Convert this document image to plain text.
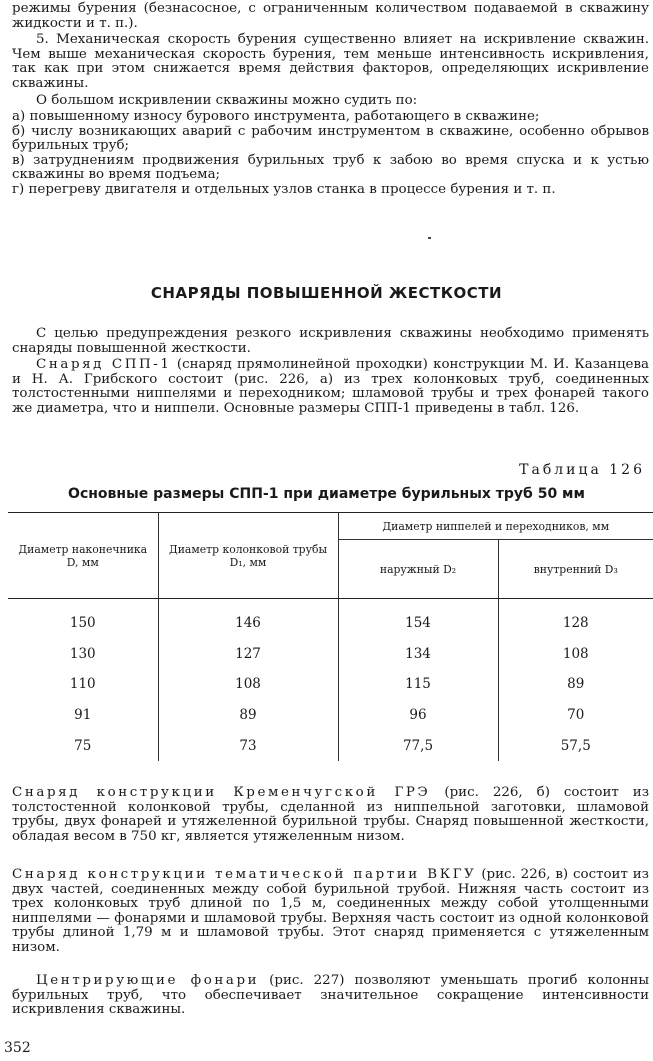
режимы бурения (безнасосное, с ограниченным количеством подаваемой в скважину жидкости и т. п.).

5. Механическая скорость бурения существенно влияет на искривление скважин. Чем выше механическая скорость бурения, тем меньше интенсивность искривления, так как при этом снижается время действия факторов, определяющих искривление скважины.

О большом искривлении скважины можно судить по:

а) повышенному износу бурового инструмента, работающего в скважине;
б) числу возникающих аварий с рабочим инструментом в скважине, особенно обрывов бурильных труб;
в) затруднениям продвижения бурильных труб к забою во время спуска и к устью скважины во время подъема;
г) перегреву двигателя и отдельных узлов станка в процессе бурения и т. п.
СНАРЯДЫ ПОВЫШЕННОЙ ЖЕСТКОСТИ

С целью предупреждения резкого искривления скважины необходимо применять снаряды повышенной жесткости.

Снаряд СПП-1 (снаряд прямолинейной проходки) конструкции М. И. Казанцева и Н. А. Грибского состоит (рис. 226, а) из трех колонковых труб, соединенных толстостенными ниппелями и переходником; шламовой трубы и трех фонарей такого же диаметра, что и ниппели. Основные размеры СПП-1 приведены в табл. 126.

Таблица 126
Основные размеры СПП-1 при диаметре бурильных труб 50 мм
Диаметр наконечника D, мм	Диаметр колонковой трубы D₁, мм	Диаметр ниппелей и переходников, мм	
		наружный D₂	внутренний D₃
150	146	154	128
130	127	134	108
110	108	115	89
91	89	96	70
75	73	77,5	57,5

Снаряд конструкции Кременчугской ГРЭ (рис. 226, б) состоит из толстостенной колонковой трубы, сделанной из ниппельной заготовки, шламовой трубы, двух фонарей и утяжеленной бурильной трубы. Снаряд повышенной жесткости, обладая весом в 750 кг, является утяжеленным низом.

Снаряд конструкции тематической партии ВКГУ (рис. 226, в) состоит из двух частей, соединенных между собой бурильной трубой. Нижняя часть состоит из трех колонковых труб длиной по 1,5 м, соединенных между собой утолщенными ниппелями — фонарями и шламовой трубы. Верхняя часть состоит из одной колонковой трубы длиной 1,79 м и шламовой трубы. Этот снаряд применяется с утяжеленным низом.

Центрирующие фонари (рис. 227) позволяют уменьшать прогиб колонны бурильных труб, что обеспечивает значительное сокращение интенсивности искривления скважины.

352
